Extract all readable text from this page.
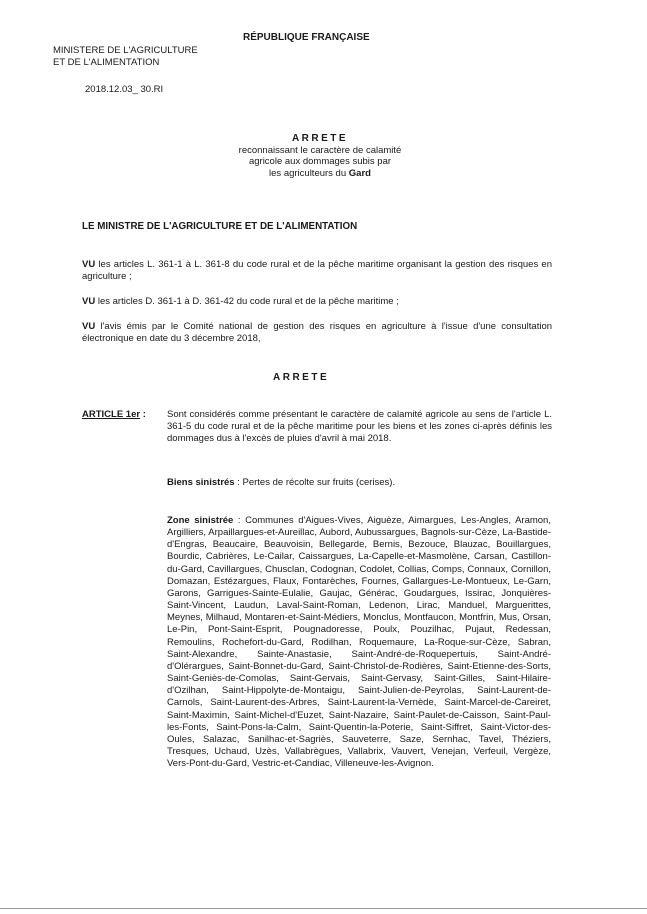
RÉPUBLIQUE FRANÇAISE
MINISTERE DE L'AGRICULTURE
ET DE L'ALIMENTATION
2018.12.03_ 30.RI
ARRETE
reconnaissant le caractère de calamité
agricole aux dommages subis par
les agriculteurs du Gard
LE MINISTRE DE L'AGRICULTURE ET DE L'ALIMENTATION
VU les articles L. 361-1 à L. 361-8 du code rural et de la pêche maritime organisant la gestion des risques en agriculture ;
VU les articles D. 361-1 à D. 361-42 du code rural et de la pêche maritime ;
VU l'avis émis par le Comité national de gestion des risques en agriculture à l'issue d'une consultation électronique en date du 3 décembre 2018,
ARRETE
ARTICLE 1er : Sont considérés comme présentant le caractère de calamité agricole au sens de l'article L. 361-5 du code rural et de la pêche maritime pour les biens et les zones ci-après définis les dommages dus à l'excès de pluies d'avril à mai 2018.
Biens sinistrés : Pertes de récolte sur fruits (cerises).
Zone sinistrée : Communes d'Aigues-Vives, Aiguèze, Aimargues, Les-Angles, Aramon, Argilliers, Arpaillargues-et-Aureillac, Aubord, Aubussargues, Bagnols-sur-Cèze, La-Bastide-d'Engras, Beaucaire, Beauvoisin, Bellegarde, Bernis, Bezouce, Blauzac, Bouillargues, Bourdic, Cabrières, Le-Cailar, Caissargues, La-Capelle-et-Masmolène, Carsan, Castillon-du-Gard, Cavillargues, Chusclan, Codognan, Codolet, Collias, Comps, Connaux, Cornillon, Domazan, Estézargues, Flaux, Fontarèches, Fournes, Gallargues-Le-Montueux, Le-Garn, Garons, Garrigues-Sainte-Eulalie, Gaujac, Générac, Goudargues, Issirac, Jonquières-Saint-Vincent, Laudun, Laval-Saint-Roman, Ledenon, Lirac, Manduel, Marguerittes, Meynes, Milhaud, Montaren-et-Saint-Médiers, Monclus, Montfaucon, Montfrin, Mus, Orsan, Le-Pin, Pont-Saint-Esprit, Pougnadoresse, Poulx, Pouzilhac, Pujaut, Redessan, Remoulins, Rochefort-du-Gard, Rodilhan, Roquemaure, La-Roque-sur-Cèze, Sabran, Saint-Alexandre, Sainte-Anastasie, Saint-André-de-Roquepertuis, Saint-André-d'Olérargues, Saint-Bonnet-du-Gard, Saint-Christol-de-Rodières, Saint-Etienne-des-Sorts, Saint-Geniès-de-Comolas, Saint-Gervais, Saint-Gervasy, Saint-Gilles, Saint-Hilaire-d'Ozilhan, Saint-Hippolyte-de-Montaigu, Saint-Julien-de-Peyrolas, Saint-Laurent-de-Carnols, Saint-Laurent-des-Arbres, Saint-Laurent-la-Vernède, Saint-Marcel-de-Careiret, Saint-Maximin, Saint-Michel-d'Euzet, Saint-Nazaire, Saint-Paulet-de-Caisson, Saint-Paul-les-Fonts, Saint-Pons-la-Calm, Saint-Quentin-la-Poterie, Saint-Siffret, Saint-Victor-des-Oules, Salazac, Sanilhac-et-Sagriès, Sauveterre, Saze, Sernhac, Tavel, Théziers, Tresques, Uchaud, Uzès, Vallabrègues, Vallabrix, Vauvert, Venejan, Verfeuil, Vergèze, Vers-Pont-du-Gard, Vestric-et-Candiac, Villeneuve-les-Avignon.
